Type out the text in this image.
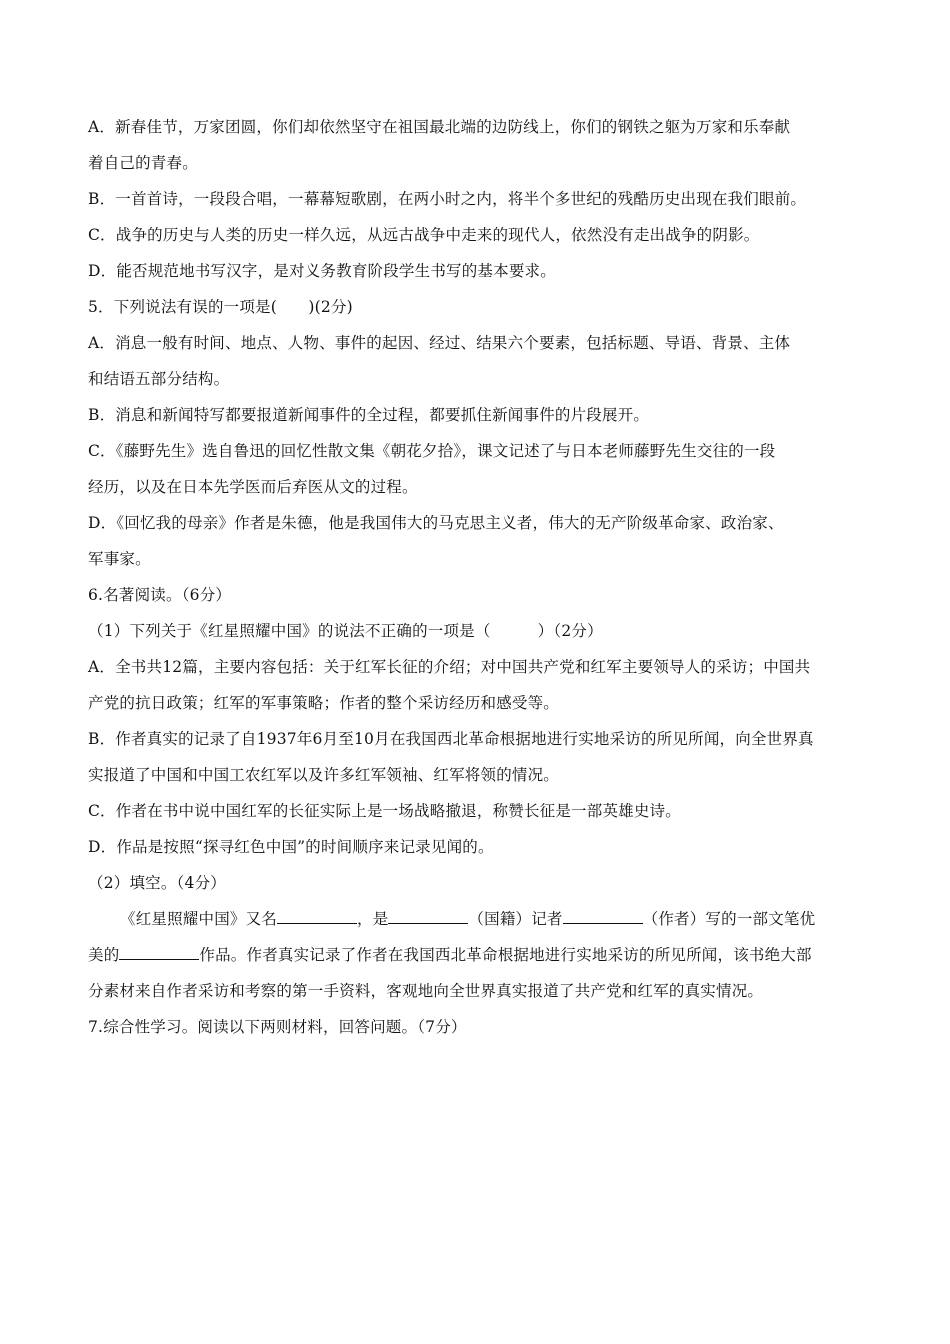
A．新春佳节，万家团圆，你们却依然坚守在祖国最北端的边防线上，你们的钢铁之躯为万家和乐奉献
着自己的青春。
B．一首首诗，一段段合唱，一幕幕短歌剧，在两小时之内，将半个多世纪的残酷历史出现在我们眼前。
C．战争的历史与人类的历史一样久远，从远古战争中走来的现代人，依然没有走出战争的阴影。
D．能否规范地书写汉字，是对义务教育阶段学生书写的基本要求。
5．下列说法有误的一项是(　　)(2分)
A．消息一般有时间、地点、人物、事件的起因、经过、结果六个要素，包括标题、导语、背景、主体
和结语五部分结构。
B．消息和新闻特写都要报道新闻事件的全过程，都要抓住新闻事件的片段展开。
C．《藤野先生》选自鲁迅的回忆性散文集《朝花夕拾》，课文记述了与日本老师藤野先生交往的一段
经历，以及在日本先学医而后弃医从文的过程。
D．《回忆我的母亲》作者是朱德，他是我国伟大的马克思主义者，伟大的无产阶级革命家、政治家、
军事家。
6.名著阅读。（6分）
（1）下列关于《红星照耀中国》的说法不正确的一项是（　　　）（2分）
A．全书共12篇，主要内容包括：关于红军长征的介绍；对中国共产党和红军主要领导人的采访；中国共
产党的抗日政策；红军的军事策略；作者的整个采访经历和感受等。
B．作者真实的记录了自1937年6月至10月在我国西北革命根据地进行实地采访的所见所闻，向全世界真
实报道了中国和中国工农红军以及许多红军领袖、红军将领的情况。
C．作者在书中说中国红军的长征实际上是一场战略撤退，称赞长征是一部英雄史诗。
D．作品是按照“探寻红色中国”的时间顺序来记录见闻的。
（2）填空。（4分）
《红星照耀中国》又名	，是	（国籍）记者	（作者）写的一部文笔优
美的	作品。作者真实记录了作者在我国西北革命根据地进行实地采访的所见所闻，该书绝大部
分素材来自作者采访和考察的第一手资料，客观地向全世界真实报道了共产党和红军的真实情况。
7.综合性学习。阅读以下两则材料，回答问题。（7分）
